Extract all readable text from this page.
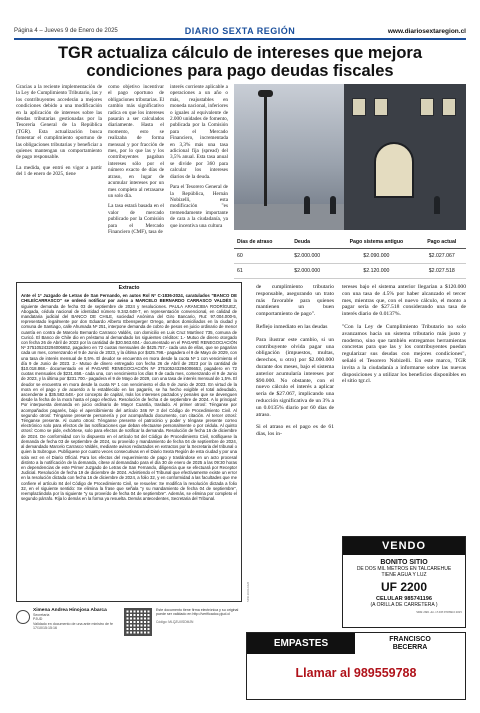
Página 4 – Jueves 9 de Enero de 2025	DIARIO SEXTA REGIÓN	www.diariosextaregion.cl
TGR actualiza cálculo de intereses que mejora condiciones para pago deudas fiscales

Gracias a la reciente implementación de la Ley de Cumplimiento Tributario, las y los contribuyentes accederán a mejores condiciones debido a una modificación en la aplicación de intereses sobre las deudas tributarias gestionadas por la Tesorería General de la República (TGR). Esta actualización busca fomentar el cumplimiento oportuno de las obligaciones tributarias y beneficiar a quienes mantengan un comportamiento de pago responsable.

La medida, que entró en vigor a partir del 1 de enero de 2025, tiene

como objetivo incentivar el pago oportuno de obligaciones tributarias. El cambio más significativo radica en que los intereses pasarán a ser calculados diariamente. Hasta el momento, esto se realizaba de forma mensual y por fracción de mes, por lo que las y los contribuyentes pagaban intereses sólo por el número exacto de días de atraso, en lugar de acumular intereses por un mes completo al retrasarse un solo día.

La tasa estará basada en el valor de mercado publicado por la Comisión para el Mercado Financiero (CMF), tasa de

interés corriente aplicable a operaciones a un año o más, reajustables en moneda nacional, inferiores o iguales al equivalente de 2.000 unidades de fomento, publicada por la Comisión para el Mercado Financiero, incrementada en 3,3% más una tasa adicional fija (spread) del 3,5% anual. Esta tasa anual se divide por 360 para calcular los intereses diarios de la deuda.

Para el Tesorero General de la República, Hernán Nobizelli, esta modificación "es tremendamente importante de cara a la ciudadanía, ya que incentiva una cultura

Días de atraso	Deuda	Pago sistema antiguo	Pago actual
60	$2.000.000	$2.090.000	$2.027.067
61	$2.000.000	$2.120.000	$2.027.518

de cumplimiento tributario responsable, asegurando un trato más favorable para quienes mantienen un buen comportamiento de pago".

Reflejo inmediato en las deudas

Para ilustrar este cambio, si un contribuyente olvida pagar una obligación (impuestos, multas, derechos, u otro) por $2.000.000 durante dos meses, bajo el sistema anterior acumularía intereses por $90.000. No obstante, con el nuevo cálculo el interés a aplicar sería de $27.067, implicando una reducción significativa de un 3% a un 0.0135% diario por 60 días de atraso.

Si el atraso es el pago es de 61 días, los in-

tereses bajo el sistema anterior llegarían a $120.000 con una tasa de 4.5% por haber alcanzado el tercer mes, mientras que, con el nuevo cálculo, el monto a pagar sería de $27.518 considerando una tasa de interés diario de 0.0137%.

"Con la Ley de Cumplimiento Tributario no solo avanzamos hacia un sistema tributario más justo y moderno, sino que también entregamos herramientas concretas para que las y los contribuyentes puedan regularizar sus deudas con mejores condiciones", señaló el Tesorero Nobizelli. En este marco, TGR invita a la ciudadanía a informarse sobre las nuevas disposiciones y a utilizar los beneficios disponibles en el sitio tgr.cl.

Extracto
Ante el 1º Juzgado de Letras de San Fernando, en autos Rol Nº C-1836-2024, caratulados "BANCO DE CHILE/CARRASCO" se ordenó notificar por aviso a MARCELO BERNARDO CARRASCO VALDÉS la siguiente demanda de fecha 03 de septiembre de 2024 y resoluciones. PAULA ARANCIBIA RODRÍGUEZ, Abogada, cédula nacional de identidad número 9.342.648-7, en representación convencional, en calidad de mandataria judicial del BANCO DE CHILE, sociedad Anónima del Giro Bancario, Rut: 97.004.000-5, representado legalmente por don Eduardo Alberto Ebensperger Orrego, ambos domiciliados en la ciudad y comuna de Santiago, calle Ahumada Nº 251, interpone demanda de cobro de pesos en juicio ordinario de menor cuantía en contra de Marcelo Bernardo Carrasco Valdés, con domicilio en Luis Cruz Martínez 735, comuna de Curicó. El Banco de Chile dio en préstamo al demandado los siguientes créditos: 1.- Mutuo de dinero otorgado con fecha 26 de Abril de 2023 por la cantidad de $20.563.604.- documentado en el PAGARÉ RENEGOCIACIÓN Nº 375105243294006652, pagadero en 72 cuotas mensuales de $425.757.- cada una de ellas, que se pagarían cada un mes, comenzando el 9 de Junio de 2023, y la última por $425.798.- pagadera el 9 de Mayo de 2029, con una tasa de interés mensual de 0,5%. El deudor se encuentra en mora desde la cuota Nº 1 con vencimiento el día 9 de Junio de 2023. 2.- Mutuo de dinero entregado con fecha 26 de Abril de 2023 por la cantidad de $10.018.868.- documentado en el PAGARÉ RENEGOCIACIÓN Nº 375105243294006653, pagadero en 72 cuotas mensuales de $231.658.- cada una, con vencimiento los días 9 de cada mes, comenzando el 9 de Junio de 2023, y la última por $231.700.- pagadera el 9 de Mayo de 2029, con una tasa de interés mensual de 1,5%. El deudor se encuentra en mora desde la cuota Nº 1 con vencimiento el día 9 de Junio de 2023. En virtud de la mora en el pago y de acuerdo a lo establecido en los pagarés, se ha hecho exigible el total adeudado, ascendente a $35.582.648.- por concepto de capital, más los intereses pactados y penales que se devenguen desde la fecha de la mora hasta el pago efectivo. Resolución de fecha 4 de septiembre de 2024. A lo principal: Por interpuesta demanda en juicio ordinario de Mayor Cuantía, traslado. Al primer otrosí: Ténganse por acompañados pagarés, bajo el apercibimiento del artículo 346 Nº 3 del Código de Procedimiento Civil. Al segundo otrosí: Ténganse presente personería y por acompañado documento, con citación. Al tercer otrosí: Ténganse presente. Al cuarto otrosí: Ténganse presente el patrocinio y poder y téngase presente correo electrónico solo para efectos de las notificaciones que deban efectuarse personalmente o por cédula. Al quinto otrosí: Como se pide, exhórtese, solo para efectos de notificar la demanda. Resolución de fecha 16 de diciembre de 2024. De conformidad con lo dispuesto en el artículo 54 del Código de Procedimiento Civil, notifíquese la demanda de fecha 03 de septiembre de 2024, su proveído y mandamiento de fecha 04 de septiembre de 2024, al demandado Marcelo Carrasco Valdés, mediante avisos redactados en extractos por la Secretaria del tribunal o quien la Subrogue. Publíquese por cuatro veces consecutivas en el Diario Sexta Región de esta ciudad y por una sola vez en el Diario Oficial. Para los efectos del requerimiento de pago y traslándose en un acto procesal distinto a la notificación de la demanda, cítese al demandado para el día 30 de enero de 2025 a las 09:30 horas en dependencias de este Primer Juzgado de Letras de San Fernando, diligencia que se efectuará por Receptor Judicial. Resolución de fecha 19 de diciembre de 2024. Advirtiendo el Tribunal que efectivamente existe un error en la resolución dictada con fecha 16 de diciembre de 2024, a folio 32, y en conformidad a las facultades que me confiere el artículo 84 del Código de Procedimiento Civil, se resuelve: Se modifica la resolución dictada a folio 32, en el siguiente sentido: Se elimina la frase que señala "y su mandamiento de fecha 04 de septiembre", reemplazándola por la siguiente "y su proveído de fecha 04 de septiembre". Además, se elimina por completo el segundo párrafo. Rija lo demás en la forma ya resuelta. Demás antecedentes, Secretaria del Tribunal.
SDR 20.012.025
Ximena Andrea Hinojosa Abarca
Secretaria
PJUD
Validado en documento de una ante ministro de fe
17/10/15:15:16
Este documento tiene firma electrónica y su original puede ser validado en http://verificadoc.pjud.cl
Código: MLQZUXSDMJN
VENDO
BONITO SITIO
DE DOS MIL METROS EN TALCAREHUE
TIENE AGUA Y LUZ
UF 2200
CELULAR 985741196
(A ORILLA DE CARRETERA )
SDR 2601 AL 13 DE ENERO 2025
EMPASTES	FRANCISCO
BECERRA
Llamar al 989559788
